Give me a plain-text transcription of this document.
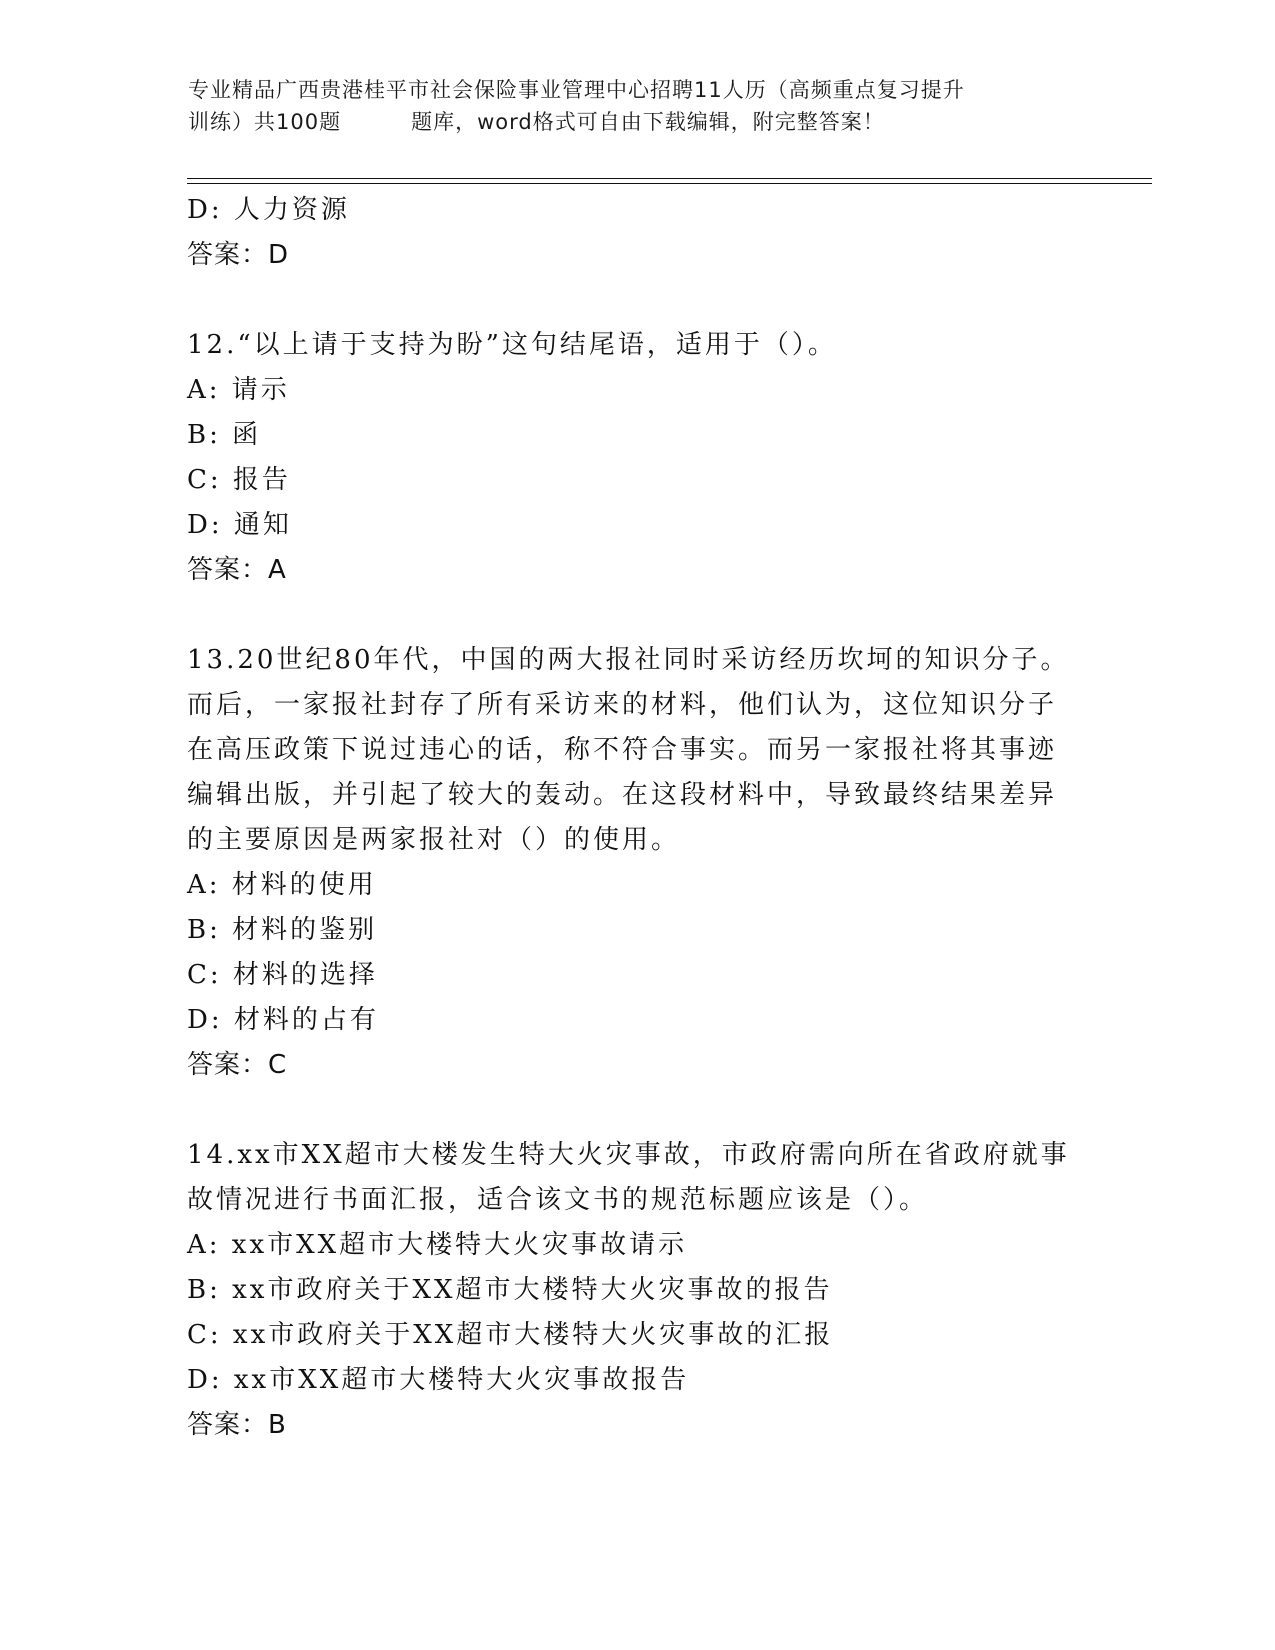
专业精品广西贵港桂平市社会保险事业管理中心招聘11人历（高频重点复习提升
训练）共100题	题库，word格式可自由下载编辑，附完整答案！
D: 人力资源
答案：D
12.“以上请于支持为盼”这句结尾语，适用于（）。
A: 请示
B: 函
C: 报告
D: 通知
答案：A
13.20世纪80年代，中国的两大报社同时采访经历坎坷的知识分子。
而后，一家报社封存了所有采访来的材料，他们认为，这位知识分子
在高压政策下说过违心的话，称不符合事实。而另一家报社将其事迹
编辑出版，并引起了较大的轰动。在这段材料中，导致最终结果差异
的主要原因是两家报社对（）的使用。
A: 材料的使用
B: 材料的鉴别
C: 材料的选择
D: 材料的占有
答案：C
14.xx市XX超市大楼发生特大火灾事故，市政府需向所在省政府就事
故情况进行书面汇报，适合该文书的规范标题应该是（）。
A: xx市XX超市大楼特大火灾事故请示
B: xx市政府关于XX超市大楼特大火灾事故的报告
C: xx市政府关于XX超市大楼特大火灾事故的汇报
D: xx市XX超市大楼特大火灾事故报告
答案：B
